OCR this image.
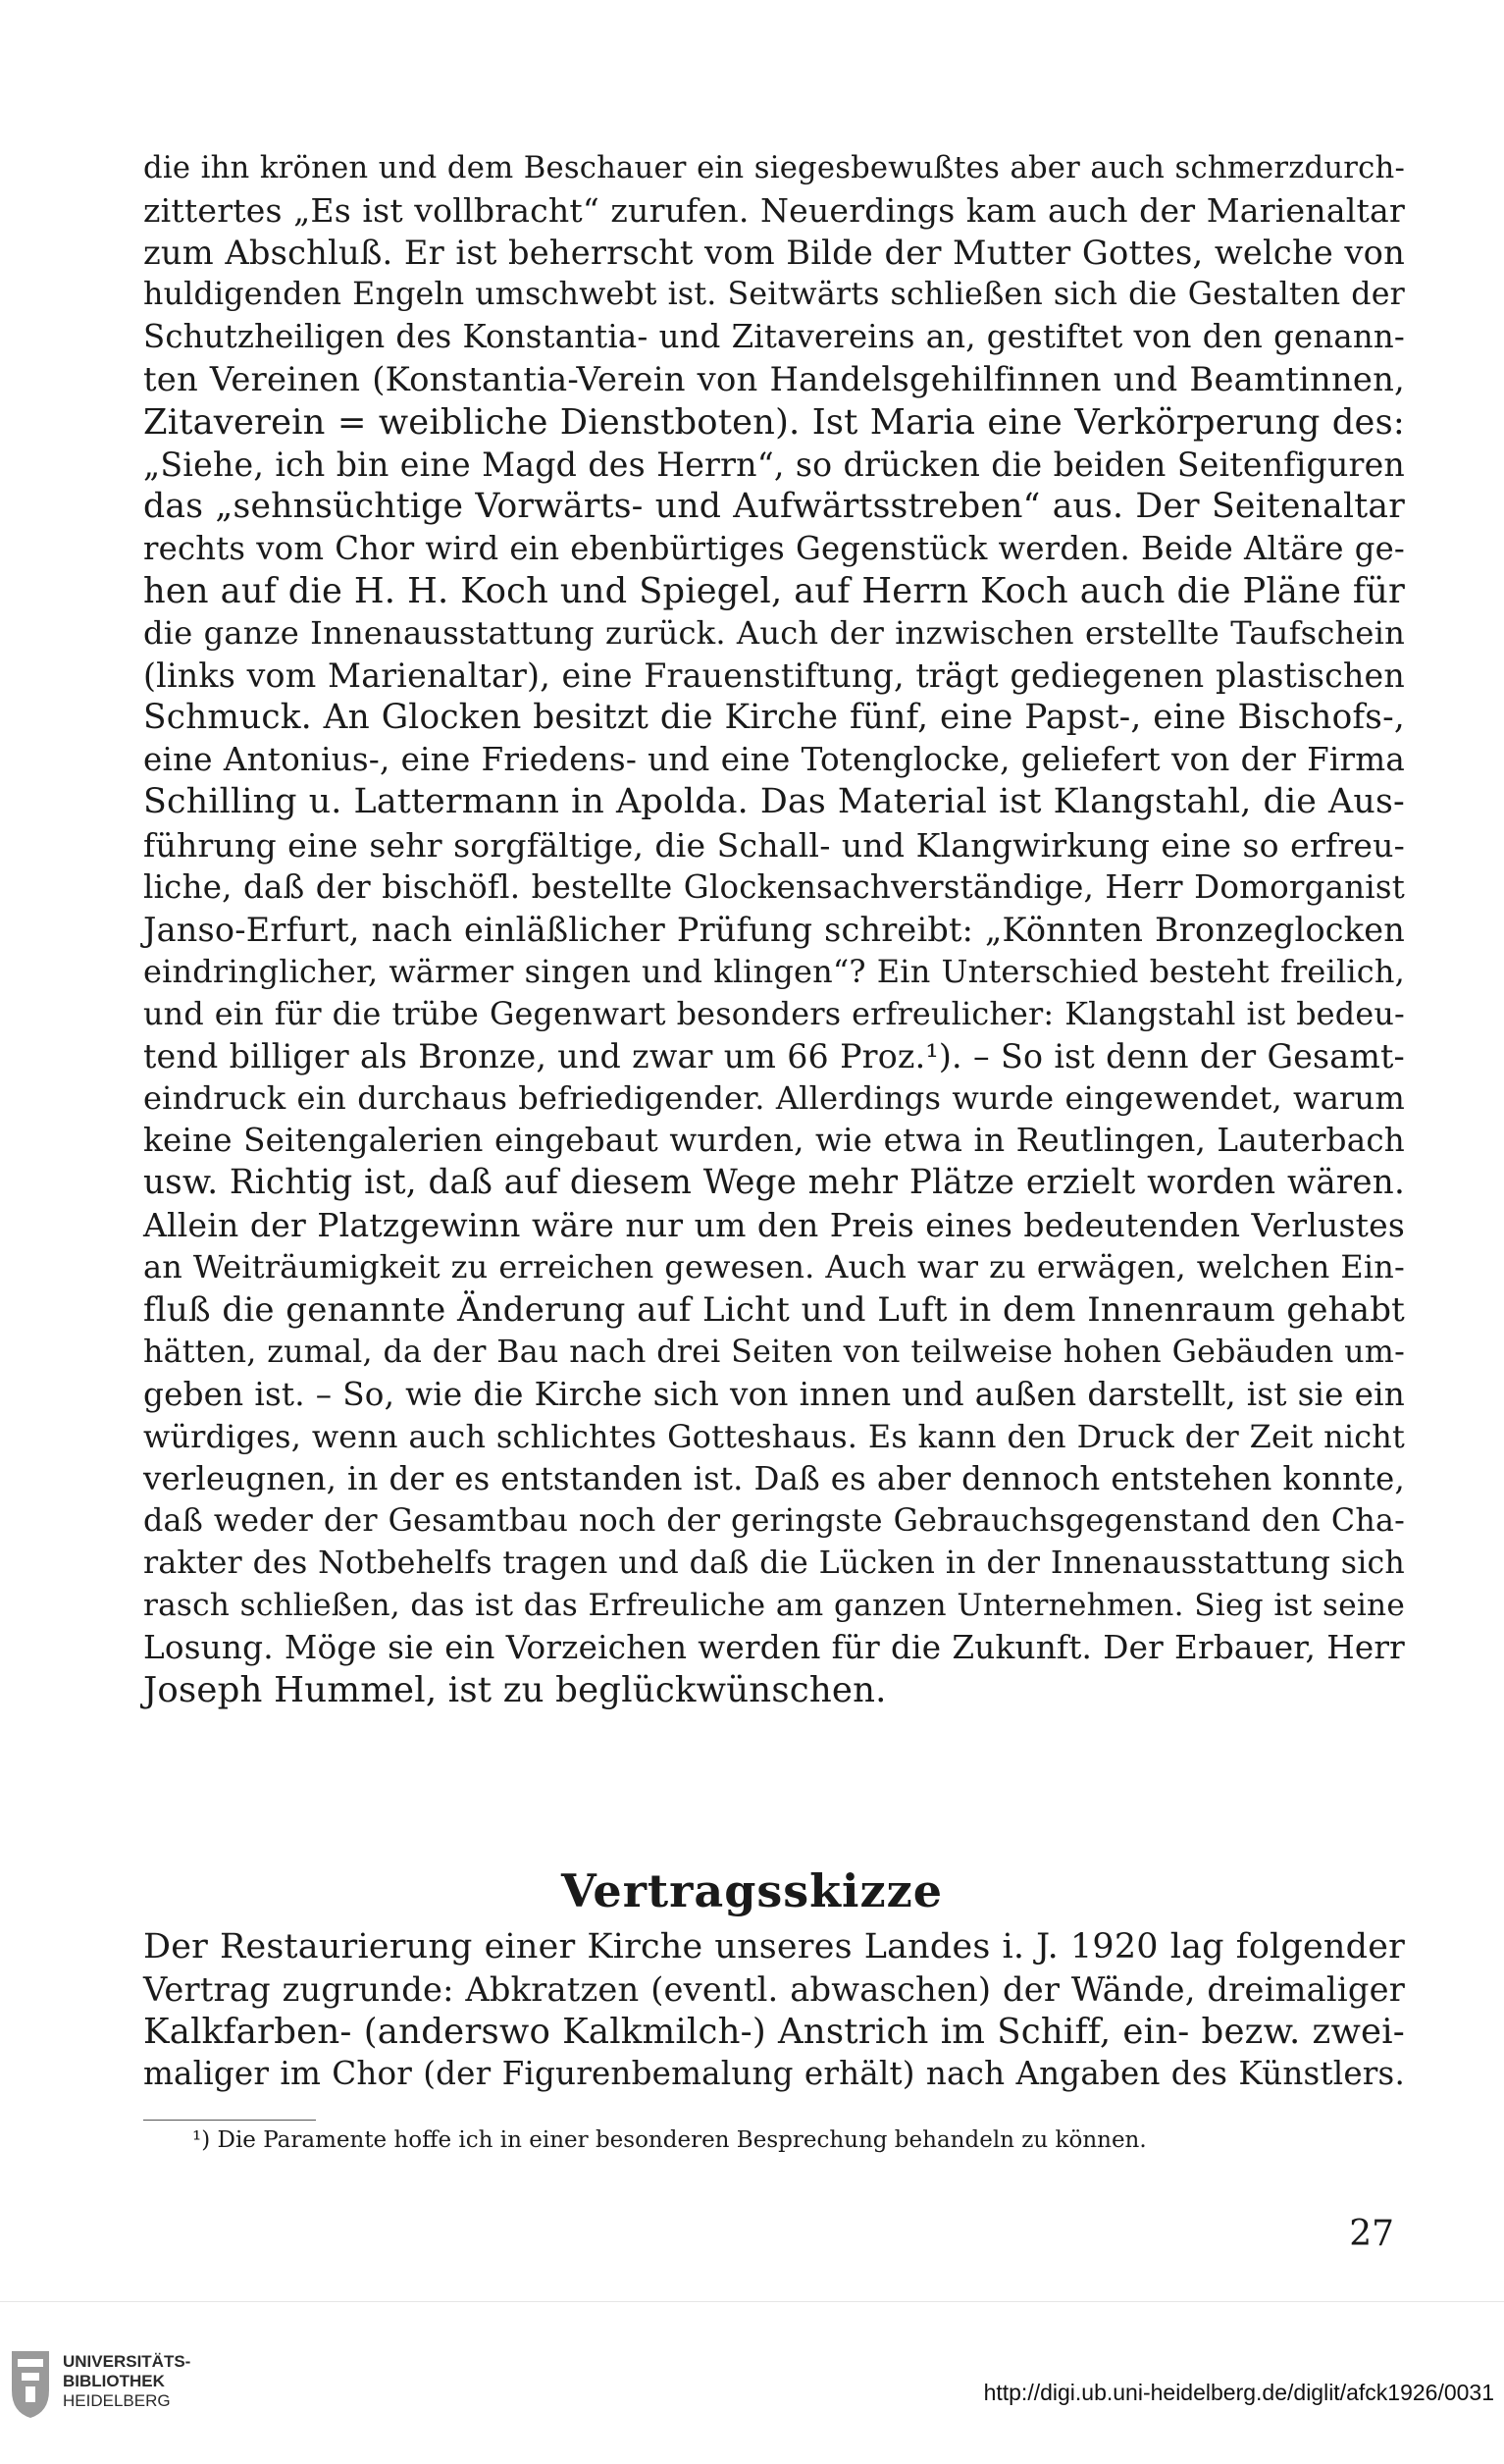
die ihn krönen und dem Beschauer ein siegesbewußtes aber auch schmerzdurch-
zittertes „Es ist vollbracht“ zurufen. Neuerdings kam auch der Marienaltar
zum Abschluß. Er ist beherrscht vom Bilde der Mutter Gottes, welche von
huldigenden Engeln umschwebt ist. Seitwärts schließen sich die Gestalten der
Schutzheiligen des Konstantia- und Zitavereins an, gestiftet von den genann-
ten Vereinen (Konstantia-Verein von Handelsgehilfinnen und Beamtinnen,
Zitaverein = weibliche Dienstboten). Ist Maria eine Verkörperung des:
„Siehe, ich bin eine Magd des Herrn“, so drücken die beiden Seitenfiguren
das „sehnsüchtige Vorwärts- und Aufwärtsstreben“ aus. Der Seitenaltar
rechts vom Chor wird ein ebenbürtiges Gegenstück werden. Beide Altäre ge-
hen auf die H. H. Koch und Spiegel, auf Herrn Koch auch die Pläne für
die ganze Innenausstattung zurück. Auch der inzwischen erstellte Taufschein
(links vom Marienaltar), eine Frauenstiftung, trägt gediegenen plastischen
Schmuck. An Glocken besitzt die Kirche fünf, eine Papst-, eine Bischofs-,
eine Antonius-, eine Friedens- und eine Totenglocke, geliefert von der Firma
Schilling u. Lattermann in Apolda. Das Material ist Klangstahl, die Aus-
führung eine sehr sorgfältige, die Schall- und Klangwirkung eine so erfreu-
liche, daß der bischöfl. bestellte Glockensachverständige, Herr Domorganist
Janso-Erfurt, nach einläßlicher Prüfung schreibt: „Könnten Bronzeglocken
eindringlicher, wärmer singen und klingen“? Ein Unterschied besteht freilich,
und ein für die trübe Gegenwart besonders erfreulicher: Klangstahl ist bedeu-
tend billiger als Bronze, und zwar um 66 Proz.¹). – So ist denn der Gesamt-
eindruck ein durchaus befriedigender. Allerdings wurde eingewendet, warum
keine Seitengalerien eingebaut wurden, wie etwa in Reutlingen, Lauterbach
usw. Richtig ist, daß auf diesem Wege mehr Plätze erzielt worden wären.
Allein der Platzgewinn wäre nur um den Preis eines bedeutenden Verlustes
an Weiträumigkeit zu erreichen gewesen. Auch war zu erwägen, welchen Ein-
fluß die genannte Änderung auf Licht und Luft in dem Innenraum gehabt
hätten, zumal, da der Bau nach drei Seiten von teilweise hohen Gebäuden um-
geben ist. – So, wie die Kirche sich von innen und außen darstellt, ist sie ein
würdiges, wenn auch schlichtes Gotteshaus. Es kann den Druck der Zeit nicht
verleugnen, in der es entstanden ist. Daß es aber dennoch entstehen konnte,
daß weder der Gesamtbau noch der geringste Gebrauchsgegenstand den Cha-
rakter des Notbehelfs tragen und daß die Lücken in der Innenausstattung sich
rasch schließen, das ist das Erfreuliche am ganzen Unternehmen. Sieg ist seine
Losung. Möge sie ein Vorzeichen werden für die Zukunft. Der Erbauer, Herr
Joseph Hummel, ist zu beglückwünschen.
Vertragsskizze
Der Restaurierung einer Kirche unseres Landes i. J. 1920 lag folgender
Vertrag zugrunde: Abkratzen (eventl. abwaschen) der Wände, dreimaliger
Kalkfarben- (anderswo Kalkmilch-) Anstrich im Schiff, ein- bezw. zwei-
maliger im Chor (der Figurenbemalung erhält) nach Angaben des Künstlers.
¹) Die Paramente hoffe ich in einer besonderen Besprechung behandeln zu können.
27
UNIVERSITÄTS-
BIBLIOTHEK
HEIDELBERG	http://digi.ub.uni-heidelberg.de/diglit/afck1926/0031
